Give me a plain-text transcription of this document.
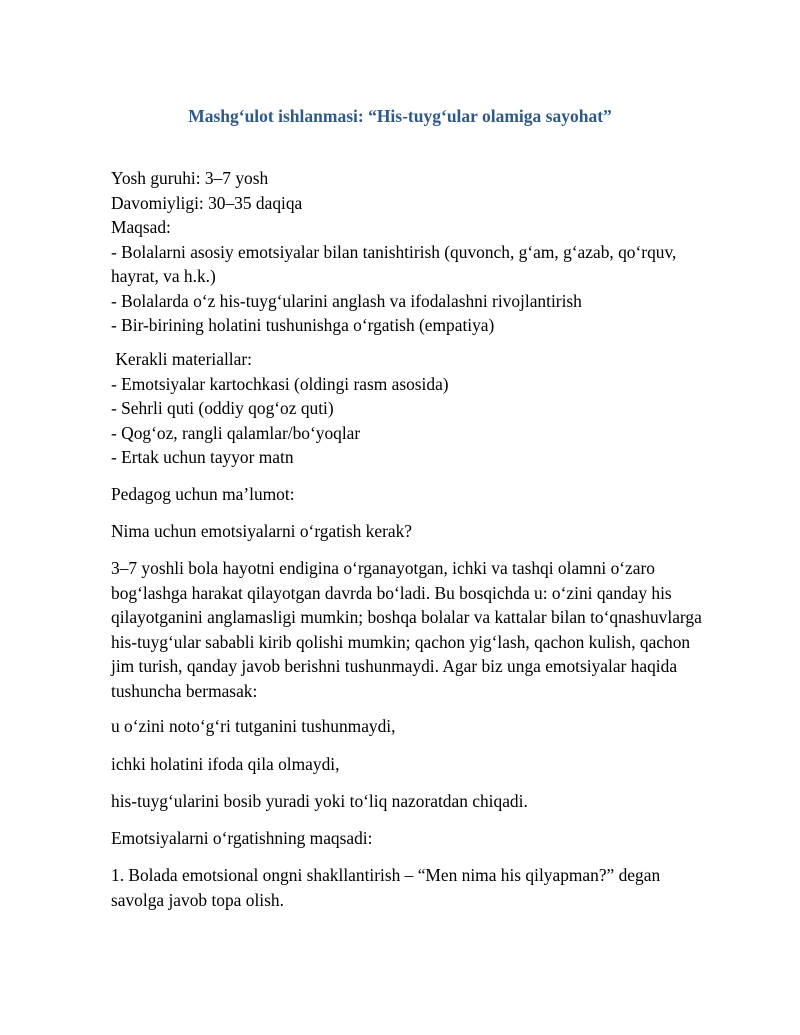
Mashg‘ulot ishlanmasi: “His-tuyg‘ular olamiga sayohat”
Yosh guruhi: 3–7 yosh
Davomiyligi: 30–35 daqiqa
Maqsad:
- Bolalarni asosiy emotsiyalar bilan tanishtirish (quvonch, g‘am, g‘azab, qo‘rquv,
hayrat, va h.k.)
- Bolalarda o‘z his-tuyg‘ularini anglash va ifodalashni rivojlantirish
- Bir-birining holatini tushunishga o‘rgatish (empatiya)
Kerakli materiallar:
- Emotsiyalar kartochkasi (oldingi rasm asosida)
- Sehrli quti (oddiy qog‘oz quti)
- Qog‘oz, rangli qalamlar/bo‘yoqlar
- Ertak uchun tayyor matn
Pedagog uchun ma’lumot:
Nima uchun emotsiyalarni o‘rgatish kerak?
3–7 yoshli bola hayotni endigina o‘rganayotgan, ichki va tashqi olamni o‘zaro
bog‘lashga harakat qilayotgan davrda bo‘ladi. Bu bosqichda u: o‘zini qanday his
qilayotganini anglamasligi mumkin; boshqa bolalar va kattalar bilan to‘qnashuvlarga
his-tuyg‘ular sababli kirib qolishi mumkin; qachon yig‘lash, qachon kulish, qachon
jim turish, qanday javob berishni tushunmaydi. Agar biz unga emotsiyalar haqida
tushuncha bermasak:
u o‘zini noto‘g‘ri tutganini tushunmaydi,
ichki holatini ifoda qila olmaydi,
his-tuyg‘ularini bosib yuradi yoki to‘liq nazoratdan chiqadi.
Emotsiyalarni o‘rgatishning maqsadi:
1. Bolada emotsional ongni shakllantirish – “Men nima his qilyapman?” degan
savolga javob topa olish.
